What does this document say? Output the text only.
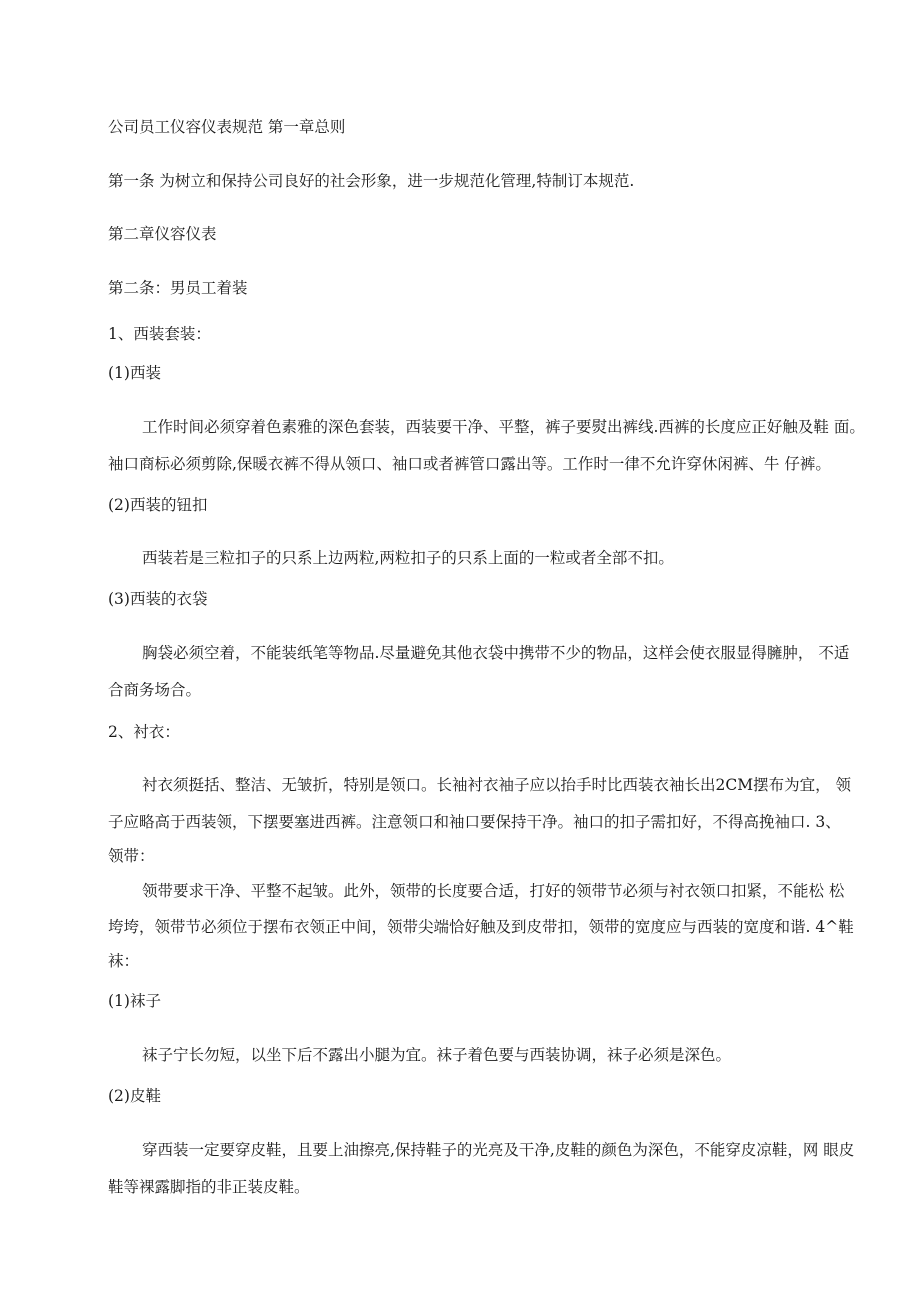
公司员工仪容仪表规范 第一章总则

第一条 为树立和保持公司良好的社会形象，进一步规范化管理,特制订本规范.

第二章仪容仪表

第二条：男员工着装

1、西装套装：

(1)西装

工作时间必须穿着色素雅的深色套装，西装要干净、平整，裤子要熨出裤线.西裤的长度应正好触及鞋 面。

袖口商标必须剪除,保暖衣裤不得从领口、袖口或者裤管口露出等。工作时一律不允许穿休闲裤、牛 仔裤。

(2)西装的钮扣

西装若是三粒扣子的只系上边两粒,两粒扣子的只系上面的一粒或者全部不扣。

(3)西装的衣袋

胸袋必须空着，不能装纸笔等物品.尽量避免其他衣袋中携带不少的物品，这样会使衣服显得臃肿， 不适

合商务场合。

2、衬衣：

衬衣须挺括、整洁、无皱折，特别是领口。长袖衬衣袖子应以抬手时比西装衣袖长出2CM摆布为宜， 领

子应略高于西装领，下摆要塞进西裤。注意领口和袖口要保持干净。袖口的扣子需扣好，不得高挽袖口. 3、

领带：

领带要求干净、平整不起皱。此外，领带的长度要合适，打好的领带节必须与衬衣领口扣紧，不能松 松

垮垮，领带节必须位于摆布衣领正中间，领带尖端恰好触及到皮带扣，领带的宽度应与西装的宽度和谐. 4^鞋

袜：

(1)袜子

袜子宁长勿短，以坐下后不露出小腿为宜。袜子着色要与西装协调，袜子必须是深色。

(2)皮鞋

穿西装一定要穿皮鞋，且要上油擦亮,保持鞋子的光亮及干净,皮鞋的颜色为深色，不能穿皮凉鞋，网 眼皮

鞋等裸露脚指的非正装皮鞋。
